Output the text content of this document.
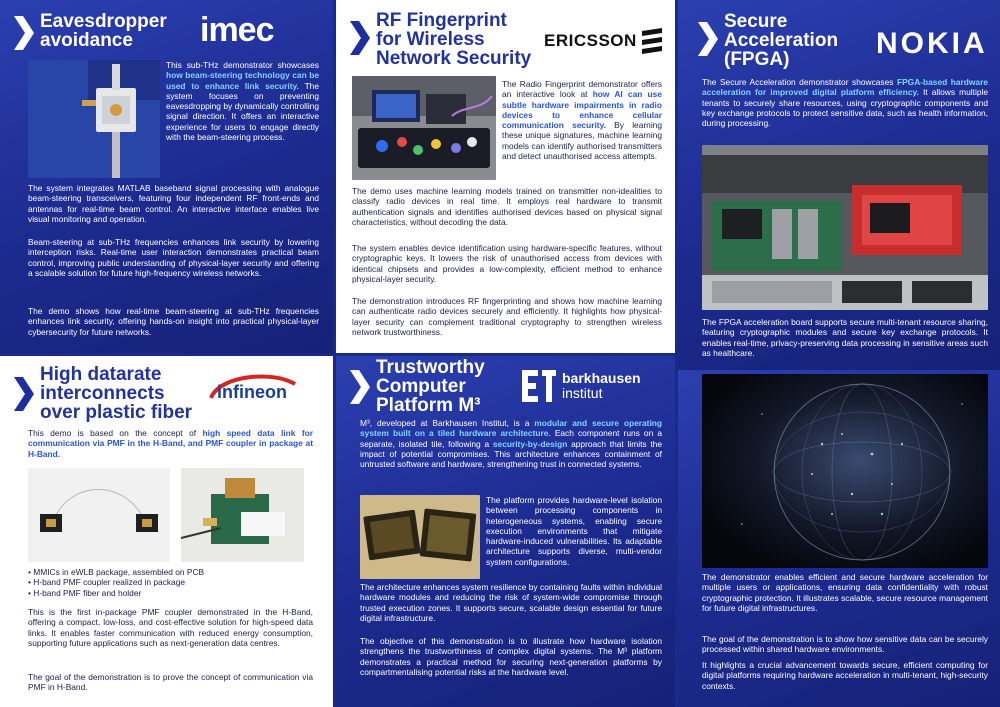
Eavesdropper
avoidance	imec
This sub-THz demonstrator showcases how beam-steering technology can be used to enhance link security. The system focuses on preventing eavesdropping by dynamically controlling signal direction. It offers an interactive experience for users to engage directly with the beam-steering process.
The system integrates MATLAB baseband signal processing with analogue beam-steering transceivers, featuring four independent RF front-ends and antennas for real-time beam control. An interactive interface enables live visual monitoring and operation.
Beam-steering at sub-THz frequencies enhances link security by lowering interception risks. Real-time user interaction demonstrates practical beam control, improving public understanding of physical-layer security and offering a scalable solution for future high-frequency wireless networks.
The demo shows how real-time beam-steering at sub-THz frequencies enhances link security, offering hands-on insight into practical physical-layer cybersecurity for future networks.
RF Fingerprint
for Wireless
Network Security
ERICSSON
The Radio Fingerprint demonstrator offers an interactive look at how AI can use subtle hardware impairments in radio devices to enhance cellular communication security. By learning these unique signatures, machine learning models can identify authorised transmitters and detect unauthorised access attempts.
The demo uses machine learning models trained on transmitter non-idealities to classify radio devices in real time. It employs real hardware to transmit authentication signals and identifies authorised devices based on physical signal characteristics, without decoding the data.
The system enables device identification using hardware-specific features, without cryptographic keys. It lowers the risk of unauthorised access from devices with identical chipsets and provides a low-complexity, efficient method to enhance physical-layer security.
The demonstration introduces RF fingerprinting and shows how machine learning can authenticate radio devices securely and efficiently. It highlights how physical-layer security can complement traditional cryptography to strengthen wireless network trustworthiness.
Secure
Acceleration
(FPGA)	NOKIA
The Secure Acceleration demonstrator showcases FPGA-based hardware acceleration for improved digital platform efficiency. It allows multiple tenants to securely share resources, using cryptographic components and key exchange protocols to protect sensitive data, such as health information, during processing.
The FPGA acceleration board supports secure multi-tenant resource sharing, featuring cryptographic modules and secure key exchange protocols. It enables real-time, privacy-preserving data processing in sensitive areas such as healthcare.
High datarate
interconnects
over plastic fiber
infineon
This demo is based on the concept of high speed data link for communication via PMF in the H-Band, and PMF coupler in package at H-Band.
• MMICs in eWLB package, assembled on PCB
• H-band PMF coupler realized in package
• H-band PMF fiber and holder
This is the first in-package PMF coupler demonstrated in the H-Band, offering a compact, low-loss, and cost-effective solution for high-speed data links. It enables faster communication with reduced energy consumption, supporting future applications such as next-generation data centres.
The goal of the demonstration is to prove the concept of communication via PMF in H-Band.
Trustworthy
Computer
Platform M³
barkhausen
institut
M³, developed at Barkhausen Institut, is a modular and secure operating system built on a tiled hardware architecture. Each component runs on a separate, isolated tile, following a security-by-design approach that limits the impact of potential compromises. This architecture enhances containment of untrusted software and hardware, strengthening trust in connected systems.
The platform provides hardware-level isolation between processing components in heterogeneous systems, enabling secure execution environments that mitigate hardware-induced vulnerabilities. Its adaptable architecture supports diverse, multi-vendor system configurations.
The architecture enhances system resilience by containing faults within individual hardware modules and reducing the risk of system-wide compromise through trusted execution zones. It supports secure, scalable design essential for future digital infrastructure.
The objective of this demonstration is to illustrate how hardware isolation strengthens the trustworthiness of complex digital systems. The M³ platform demonstrates a practical method for securing next-generation platforms by compartmentalising potential risks at the hardware level.
The demonstrator enables efficient and secure hardware acceleration for multiple users or applications, ensuring data confidentiality with robust cryptographic protection. It illustrates scalable, secure resource management for future digital infrastructures.
The goal of the demonstration is to show how sensitive data can be securely processed within shared hardware environments.
It highlights a crucial advancement towards secure, efficient computing for digital platforms requiring hardware acceleration in multi-tenant, high-security contexts.
